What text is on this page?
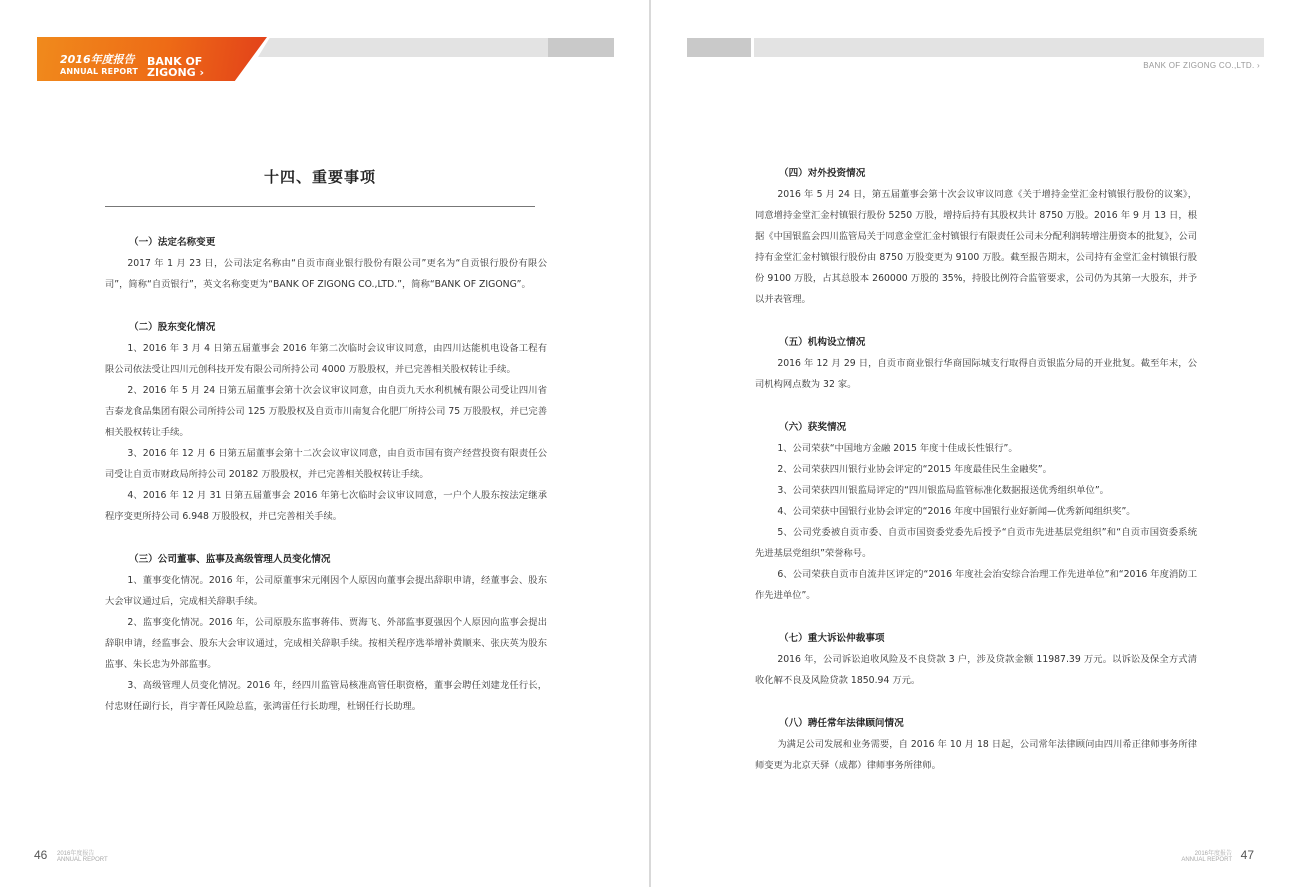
2016年度报告
ANNUAL REPORT
BANK OF
ZIGONG ›
十四、重要事项

（一）法定名称变更

2017 年 1 月 23 日，公司法定名称由“自贡市商业银行股份有限公司”更名为“自贡银行股份有限公司”，简称“自贡银行”，英文名称变更为“BANK OF ZIGONG CO.,LTD.”，简称“BANK OF ZIGONG”。

（二）股东变化情况

1、2016 年 3 月 4 日第五届董事会 2016 年第二次临时会议审议同意，由四川达能机电设备工程有限公司依法受让四川元创科技开发有限公司所持公司 4000 万股股权，并已完善相关股权转让手续。

2、2016 年 5 月 24 日第五届董事会第十次会议审议同意，由自贡九天水利机械有限公司受让四川省吉泰龙食品集团有限公司所持公司 125 万股股权及自贡市川南复合化肥厂所持公司 75 万股股权，并已完善相关股权转让手续。

3、2016 年 12 月 6 日第五届董事会第十二次会议审议同意，由自贡市国有资产经营投资有限责任公司受让自贡市财政局所持公司 20182 万股股权，并已完善相关股权转让手续。

4、2016 年 12 月 31 日第五届董事会 2016 年第七次临时会议审议同意，一户个人股东按法定继承程序变更所持公司 6.948 万股股权，并已完善相关手续。

（三）公司董事、监事及高级管理人员变化情况

1、董事变化情况。2016 年，公司原董事宋元刚因个人原因向董事会提出辞职申请，经董事会、股东大会审议通过后，完成相关辞职手续。

2、监事变化情况。2016 年，公司原股东监事蒋伟、贾海飞、外部监事夏强因个人原因向监事会提出辞职申请，经监事会、股东大会审议通过，完成相关辞职手续。按相关程序选举增补黄顺来、张庆英为股东监事、朱长忠为外部监事。

3、高级管理人员变化情况。2016 年，经四川监管局核准高管任职资格，董事会聘任刘建龙任行长，付忠财任副行长，肖宇菁任风险总监，张鸿雷任行长助理，杜钢任行长助理。

46 2016年度报告
ANNUAL REPORT
BANK OF ZIGONG CO.,LTD. ›

（四）对外投资情况

2016 年 5 月 24 日，第五届董事会第十次会议审议同意《关于增持金堂汇金村镇银行股份的议案》，同意增持金堂汇金村镇银行股份 5250 万股，增持后持有其股权共计 8750 万股。2016 年 9 月 13 日，根据《中国银监会四川监管局关于同意金堂汇金村镇银行有限责任公司未分配利润转增注册资本的批复》，公司持有金堂汇金村镇银行股份由 8750 万股变更为 9100 万股。截至报告期末，公司持有金堂汇金村镇银行股份 9100 万股，占其总股本 260000 万股的 35%，持股比例符合监管要求，公司仍为其第一大股东，并予以并表管理。

（五）机构设立情况

2016 年 12 月 29 日，自贡市商业银行华商国际城支行取得自贡银监分局的开业批复。截至年末，公司机构网点数为 32 家。

（六）获奖情况

1、公司荣获“中国地方金融 2015 年度十佳成长性银行”。

2、公司荣获四川银行业协会评定的“2015 年度最佳民生金融奖”。

3、公司荣获四川银监局评定的“四川银监局监管标准化数据报送优秀组织单位”。

4、公司荣获中国银行业协会评定的“2016 年度中国银行业好新闻—优秀新闻组织奖”。

5、公司党委被自贡市委、自贡市国资委党委先后授予“自贡市先进基层党组织”和“自贡市国资委系统先进基层党组织”荣誉称号。

6、公司荣获自贡市自流井区评定的“2016 年度社会治安综合治理工作先进单位”和“2016 年度消防工作先进单位”。

（七）重大诉讼仲裁事项

2016 年，公司诉讼追收风险及不良贷款 3 户，涉及贷款金额 11987.39 万元。以诉讼及保全方式清收化解不良及风险贷款 1850.94 万元。

（八）聘任常年法律顾问情况

为满足公司发展和业务需要，自 2016 年 10 月 18 日起，公司常年法律顾问由四川希正律师事务所律师变更为北京天驿（成都）律师事务所律师。

47
2016年度报告
ANNUAL REPORT
